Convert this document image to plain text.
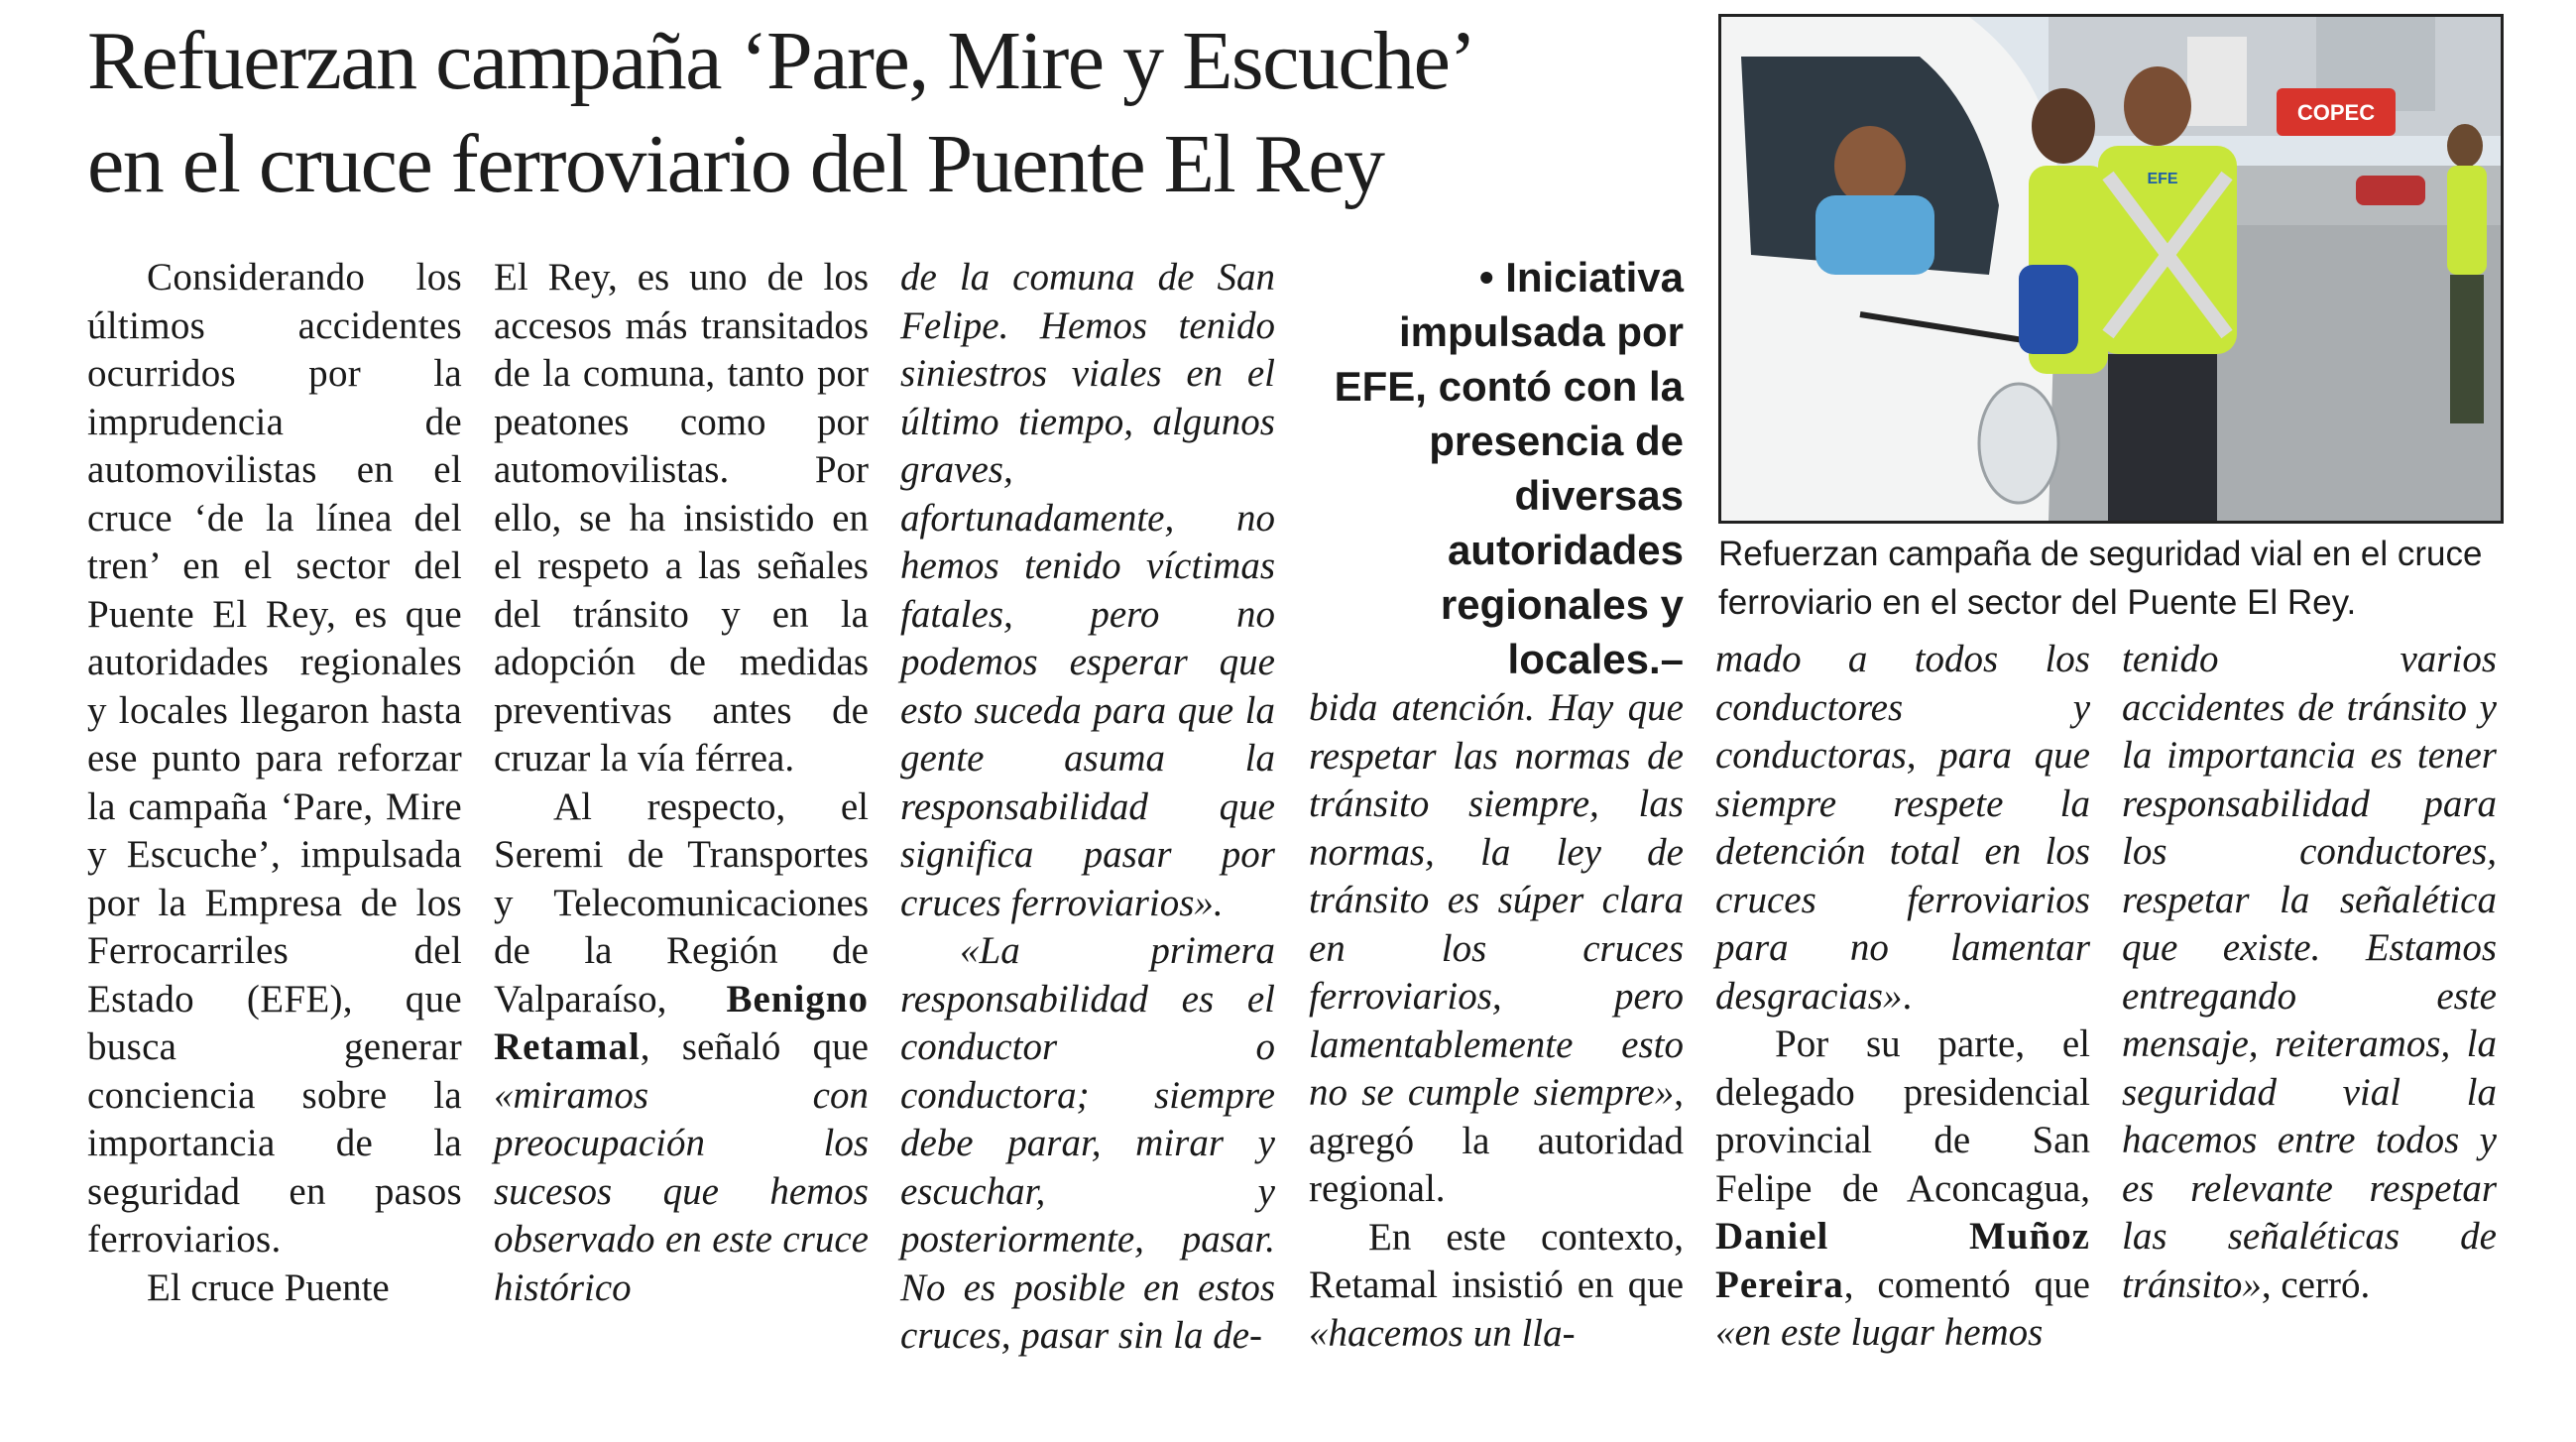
Refuerzan campaña ‘Pare, Mire y Escuche’
en el cruce ferroviario del Puente El Rey

Considerando los últimos accidentes ocurridos por la imprudencia de automovilistas en el cruce ‘de la línea del tren’ en el sector del Puente El Rey, es que autoridades regionales y locales llegaron hasta ese punto para reforzar la campaña ‘Pare, Mire y Escuche’, impulsada por la Empresa de los Ferrocarriles del Estado (EFE), que busca generar conciencia sobre la importancia de la seguridad en pasos ferroviarios.

El cruce Puente

El Rey, es uno de los accesos más transitados de la comuna, tanto por peatones como por automovilistas. Por ello, se ha insistido en el respeto a las señales del tránsito y en la adopción de medidas preventivas antes de cruzar la vía férrea.

Al respecto, el Seremi de Transportes y Telecomunicaciones de la Región de Valparaíso, Benigno Retamal, señaló que «miramos con preocupación los sucesos que hemos observado en este cruce histórico

de la comuna de San Felipe. Hemos tenido siniestros viales en el último tiempo, algunos graves, afortunadamente, no hemos tenido víctimas fatales, pero no podemos esperar que esto suceda para que la gente asuma la responsabilidad que significa pasar por cruces ferroviarios».

«La primera responsabilidad es el conductor o conductora; siempre debe parar, mirar y escuchar, y posteriormente, pasar. No es posible en estos cruces, pasar sin la de-

• Iniciativa impulsada por EFE, contó con la presencia de diversas autoridades regionales y locales.–

bida atención. Hay que respetar las normas de tránsito siempre, las normas, la ley de tránsito es súper clara en los cruces ferroviarios, pero lamentablemente esto no se cumple siempre», agregó la autoridad regional.

En este contexto, Retamal insistió en que «hacemos un lla-

mado a todos los conductores y conductoras, para que siempre respete la detención total en los cruces ferroviarios para no lamentar desgracias».

Por su parte, el delegado presidencial provincial de San Felipe de Aconcagua, Daniel Muñoz Pereira, comentó que «en este lugar hemos

tenido varios accidentes de tránsito y la importancia es tener responsabilidad para los conductores, respetar la señalética que existe. Estamos entregando este mensaje, reiteramos, la seguridad vial la hacemos entre todos y es relevante respetar las señaléticas de tránsito», cerró.

COPEC
EFE
Refuerzan campaña de seguridad vial en el cruce ferroviario en el sector del Puente El Rey.
